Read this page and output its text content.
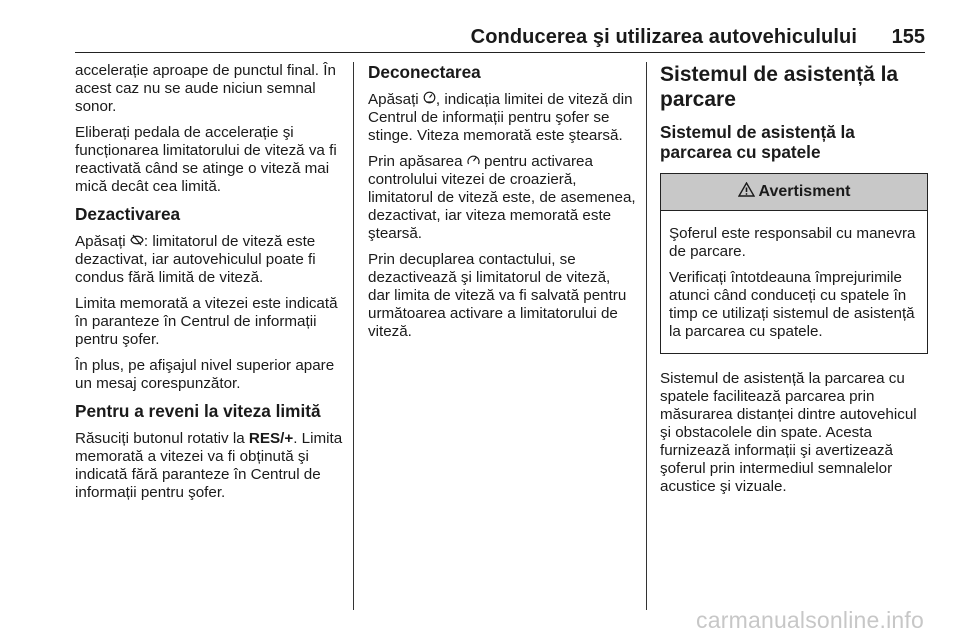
Conducerea şi utilizarea autovehiculului 155

accelerație aproape de punctul final. În acest caz nu se aude niciun semnal sonor.

Eliberați pedala de accelerație şi funcționarea limitatorului de viteză va fi reactivată când se atinge o viteză mai mică decât cea limită.

Dezactivarea

Apăsați : limitatorul de viteză este dezactivat, iar autovehiculul poate fi condus fără limită de viteză.

Limita memorată a vitezei este indicată în paranteze în Centrul de informații pentru şofer.

În plus, pe afişajul nivel superior apare un mesaj corespunzător.

Pentru a reveni la viteza limită

Răsuciți butonul rotativ la RES/+. Limita memorată a vitezei va fi obținută şi indicată fără paranteze în Centrul de informații pentru şofer.

Deconectarea

Apăsați , indicația limitei de viteză din Centrul de informații pentru şofer se stinge. Viteza memorată este ştearsă.

Prin apăsarea  pentru activarea controlului vitezei de croazieră, limitatorul de viteză este, de asemenea, dezactivat, iar viteza memorată este ştearsă.

Prin decuplarea contactului, se dezactivează şi limitatorul de viteză, dar limita de viteză va fi salvată pentru următoarea activare a limitatorului de viteză.

Sistemul de asistență la parcare
Sistemul de asistență la parcarea cu spatele
Avertisment

Şoferul este responsabil cu manevra de parcare.

Verificați întotdeauna împrejurimile atunci când conduceți cu spatele în timp ce utilizați sistemul de asistență la parcarea cu spatele.

Sistemul de asistență la parcarea cu spatele facilitează parcarea prin măsurarea distanței dintre autovehicul şi obstacolele din spate. Acesta furnizează informații şi avertizează şoferul prin intermediul semnalelor acustice şi vizuale.

carmanualsonline.info
